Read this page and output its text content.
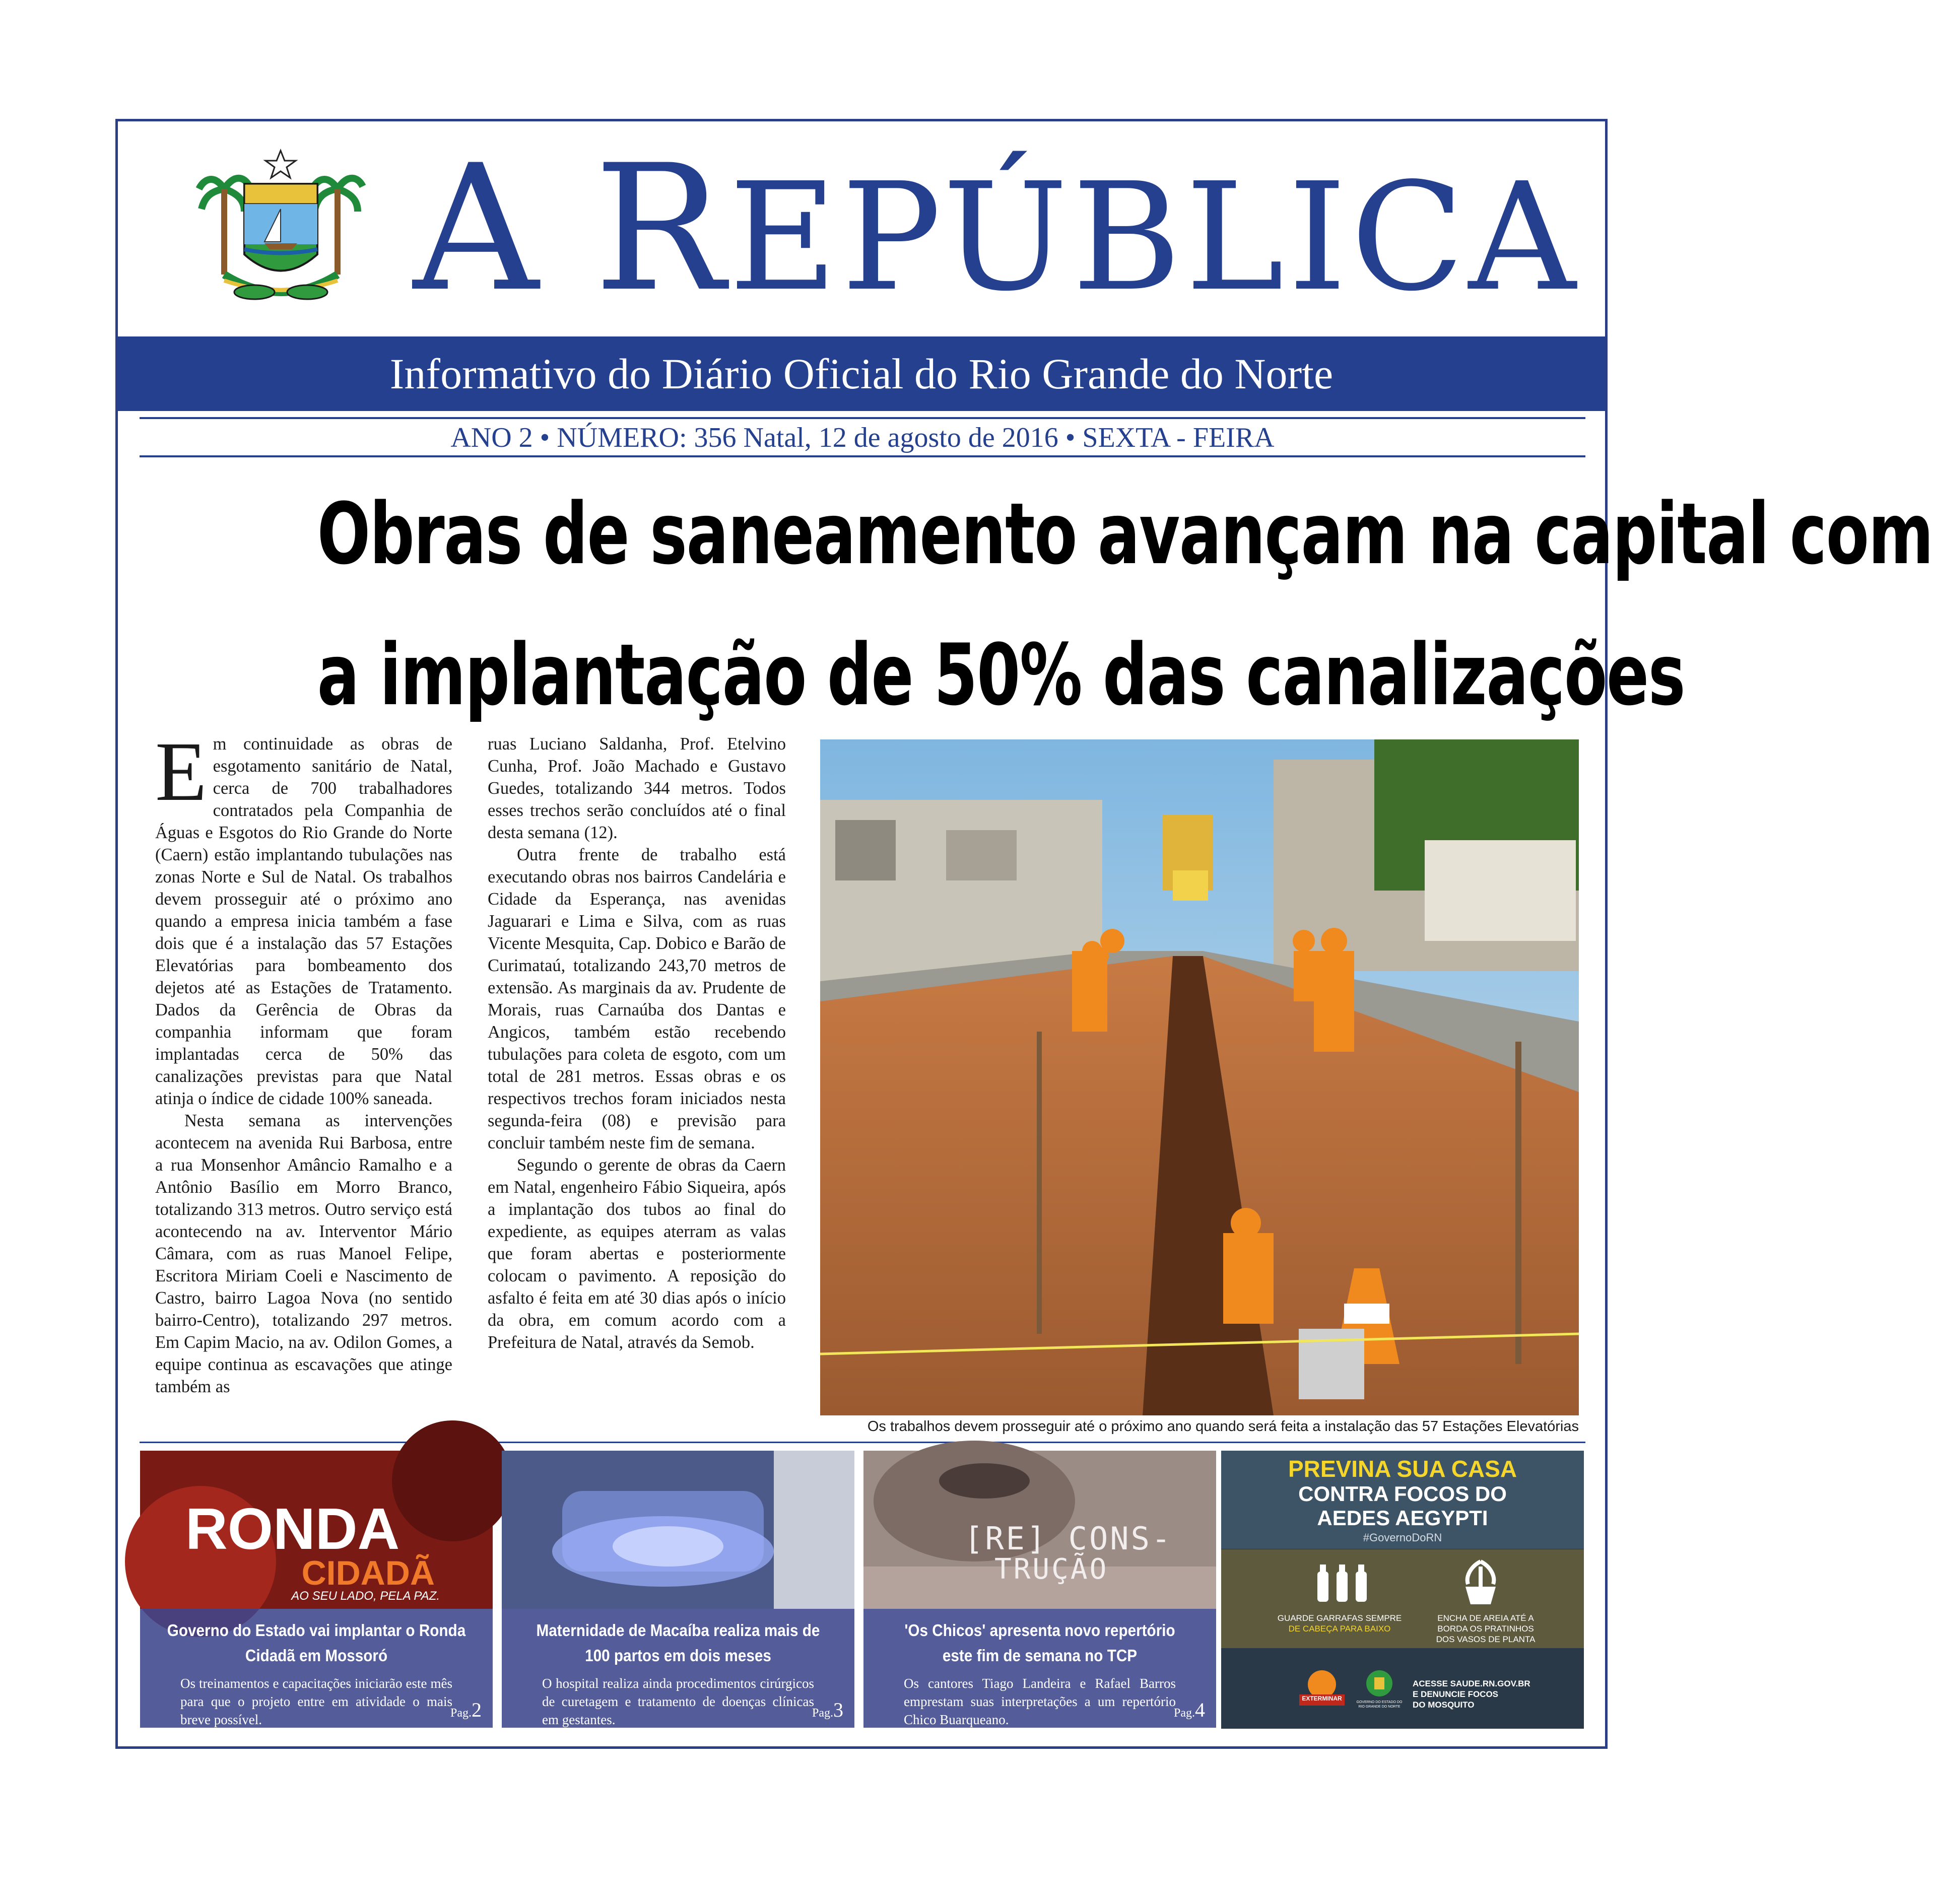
A REPÚBLICA
Informativo do Diário Oficial do Rio Grande do Norte
ANO 2 • NÚMERO: 356 Natal, 12 de agosto de 2016 • SEXTA - FEIRA
Obras de saneamento avançam na capital com
a implantação de 50% das canalizações

Em continuidade as obras de esgotamento sanitário de Natal, cerca de 700 trabalhadores contratados pela Companhia de Águas e Esgotos do Rio Grande do Norte (Caern) estão implantando tubulações nas zonas Norte e Sul de Natal. Os trabalhos devem prosseguir até o próximo ano quando a empresa inicia também a fase dois que é a instalação das 57 Estações Elevatórias para bombeamento dos dejetos até as Estações de Tratamento. Dados da Gerência de Obras da companhia informam que foram implantadas cerca de 50% das canalizações previstas para que Natal atinja o índice de cidade 100% saneada.

Nesta semana as intervenções acontecem na avenida Rui Barbosa, entre a rua Monsenhor Amâncio Ramalho e a Antônio Basílio em Morro Branco, totalizando 313 metros. Outro serviço está acontecendo na av. Interventor Mário Câmara, com as ruas Manoel Felipe, Escritora Miriam Coeli e Nascimento de Castro, bairro Lagoa Nova (no sentido bairro-Centro), totalizando 297 metros. Em Capim Macio, na av. Odilon Gomes, a equipe continua as escavações que atinge também as

ruas Luciano Saldanha, Prof. Etelvino Cunha, Prof. João Machado e Gustavo Guedes, totalizando 344 metros. Todos esses trechos serão concluídos até o final desta semana (12).

Outra frente de trabalho está executando obras nos bairros Candelária e Cidade da Esperança, nas avenidas Jaguarari e Lima e Silva, com as ruas Vicente Mesquita, Cap. Dobico e Barão de Curimataú, totalizando 243,70 metros de extensão. As marginais da av. Prudente de Morais, ruas Carnaúba dos Dantas e Angicos, também estão recebendo tubulações para coleta de esgoto, com um total de 281 metros. Essas obras e os respectivos trechos foram iniciados nesta segunda-feira (08) e previsão para concluir também neste fim de semana.

Segundo o gerente de obras da Caern em Natal, engenheiro Fábio Siqueira, após a implantação dos tubos ao final do expediente, as equipes aterram as valas que foram abertas e posteriormente colocam o pavimento. A reposição do asfalto é feita em até 30 dias após o início da obra, em comum acordo com a Prefeitura de Natal, através da Semob.

Os trabalhos devem prosseguir até o próximo ano quando será feita a instalação das 57 Estações Elevatórias
RONDA
CIDADÃ
AO SEU LADO, PELA PAZ.
Governo do Estado vai implantar o Ronda Cidadã em Mossoró
Os treinamentos e capacitações iniciarão este mês para que o projeto entre em atividade o mais breve possível.	Pag.2
Maternidade de Macaíba realiza mais de 100 partos em dois meses
O hospital realiza ainda procedimentos cirúrgicos de curetagem e tratamento de doenças clínicas em gestantes.	Pag.3
[RE] CONS-
TRUÇÃO
'Os Chicos' apresenta novo repertório este fim de semana no TCP
Os cantores Tiago Landeira e Rafael Barros emprestam suas interpretações a um repertório Chico Buarqueano.	Pag.4
PREVINA SUA CASA
CONTRA FOCOS DO
AEDES AEGYPTI
#GovernoDoRN
GUARDE GARRAFAS SEMPRE
DE CABEÇA PARA BAIXO
ENCHA DE AREIA ATÉ A
BORDA OS PRATINHOS
DOS VASOS DE PLANTA
EXTERMINAR
GOVERNO DO ESTADO DO RIO GRANDE DO NORTE
ACESSE SAUDE.RN.GOV.BR
E DENUNCIE FOCOS
DO MOSQUITO
